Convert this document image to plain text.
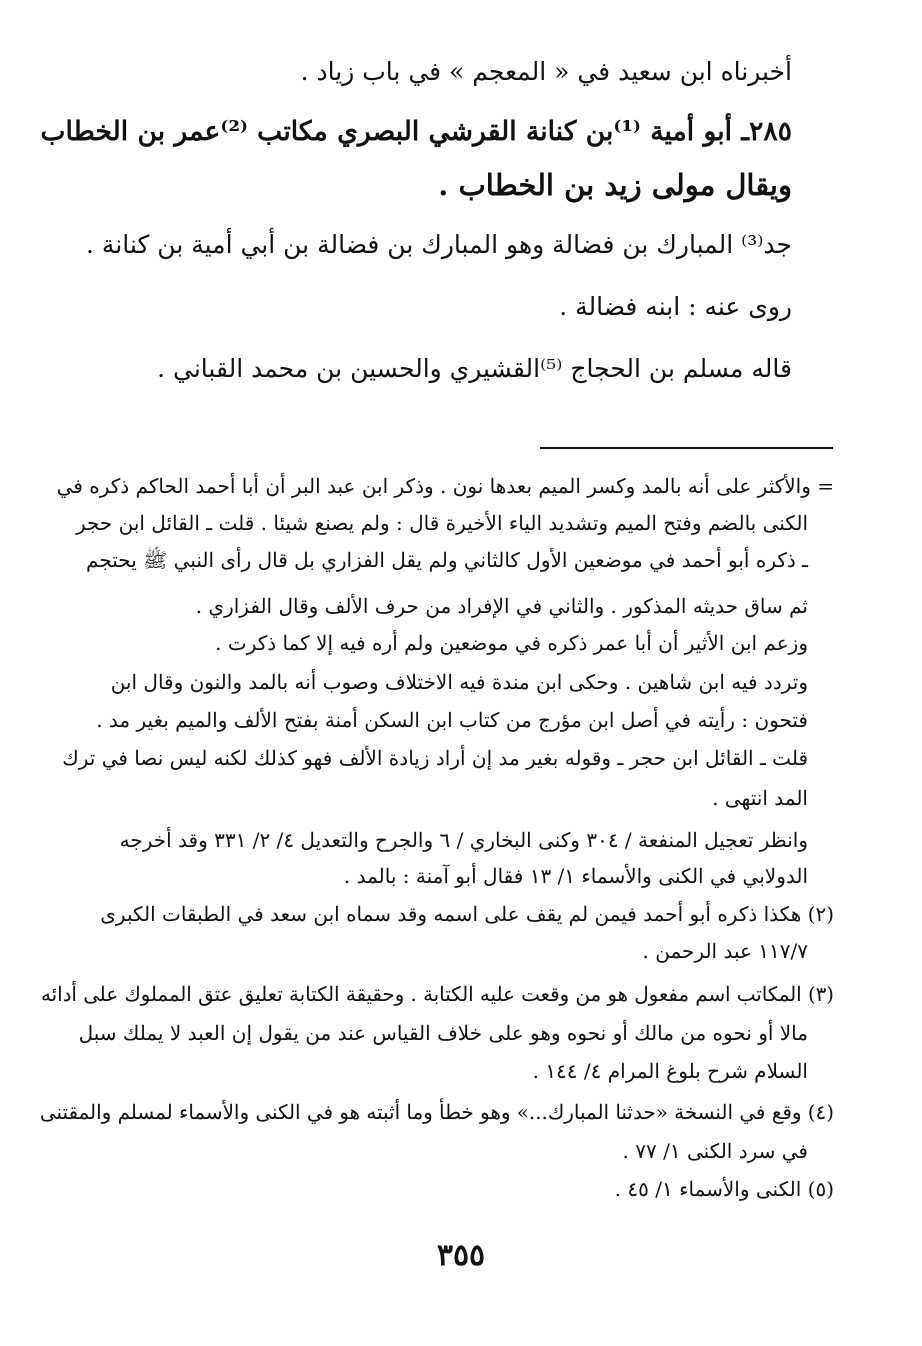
أخبرناه ابن سعيد في « المعجم » في باب زياد .
٢٨٥ـ أبو أمية ⁽¹⁾بن كنانة القرشي البصري مكاتب ⁽²⁾عمر بن الخطاب
ويقال مولى زيد بن الخطاب .
جد⁽³⁾ المبارك بن فضالة وهو المبارك بن فضالة بن أبي أمية بن كنانة .
روى عنه : ابنه فضالة .
قاله مسلم بن الحجاج ⁽⁵⁾القشيري والحسين بن محمد القباني .
= والأكثر على أنه بالمد وكسر الميم بعدها نون . وذكر ابن عبد البر أن أبا أحمد الحاكم ذكره في
الكنى بالضم وفتح الميم وتشديد الياء الأخيرة قال : ولم يصنع شيئا . قلت ـ القائل ابن حجر
ـ ذكره أبو أحمد في موضعين الأول كالثاني ولم يقل الفزاري بل قال رأى النبي ﷺ يحتجم
ثم ساق حديثه المذكور . والثاني في الإفراد من حرف الألف وقال الفزاري .
وزعم ابن الأثير أن أبا عمر ذكره في موضعين ولم أره فيه إلا كما ذكرت .
وتردد فيه ابن شاهين . وحكى ابن مندة فيه الاختلاف وصوب أنه بالمد والنون وقال ابن
فتحون : رأيته في أصل ابن مؤرج من كتاب ابن السكن أمنة بفتح الألف والميم بغير مد .
قلت ـ القائل ابن حجر ـ وقوله بغير مد إن أراد زيادة الألف فهو كذلك لكنه ليس نصا في ترك
المد انتهى .
وانظر تعجيل المنفعة / ٣٠٤ وكنى البخاري / ٦ والجرح والتعديل ٤/ ٢/ ٣٣١ وقد أخرجه
الدولابي في الكنى والأسماء ١/ ١٣ فقال أبو آمنة : بالمد .
(٢) هكذا ذكره أبو أحمد فيمن لم يقف على اسمه وقد سماه ابن سعد في الطبقات الكبرى
١١٧/٧ عبد الرحمن .
(٣) المكاتب اسم مفعول هو من وقعت عليه الكتابة . وحقيقة الكتابة تعليق عتق المملوك على أدائه
مالا أو نحوه من مالك أو نحوه وهو على خلاف القياس عند من يقول إن العبد لا يملك سبل
السلام شرح بلوغ المرام ٤/ ١٤٤ .
(٤) وقع في النسخة «حدثنا المبارك...» وهو خطأ وما أثبته هو في الكنى والأسماء لمسلم والمقتنى
في سرد الكنى ١/ ٧٧ .
(٥) الكنى والأسماء ١/ ٤٥ .
٣٥٥
